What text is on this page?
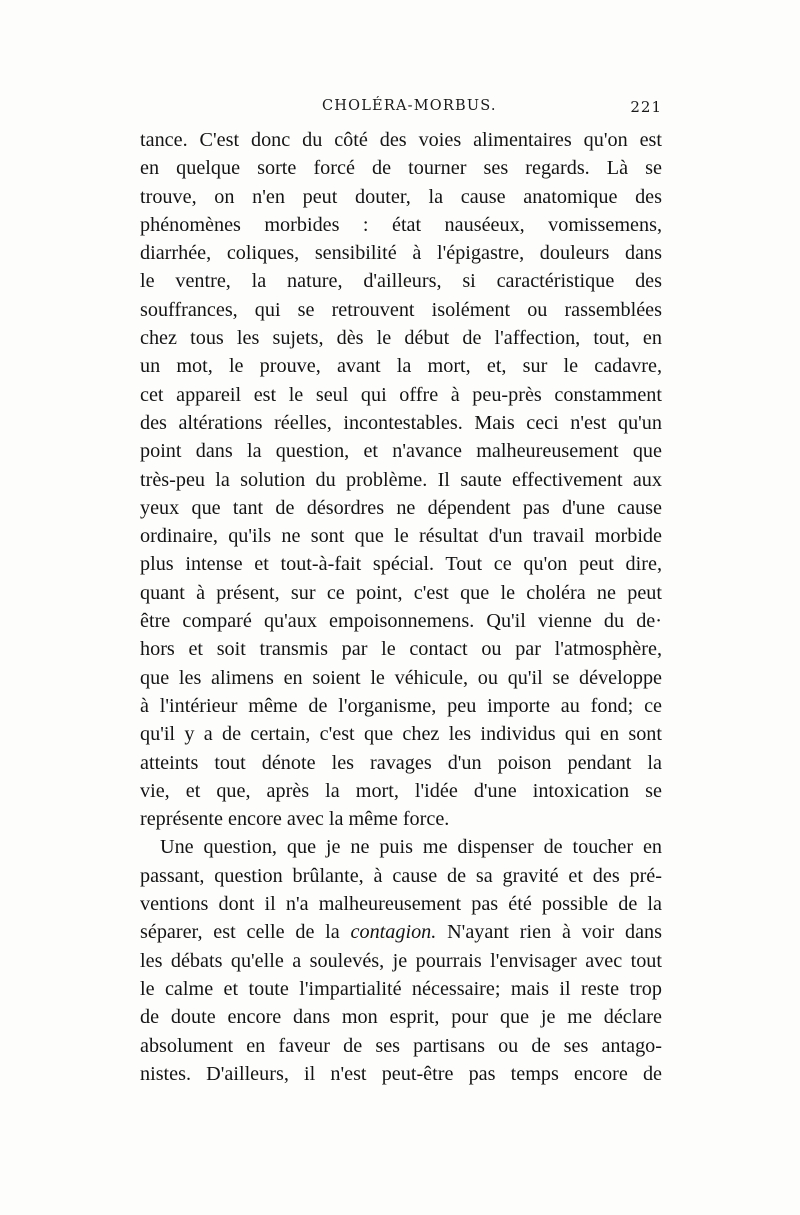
CHOLÉRA-MORBUS.	221
tance. C'est donc du côté des voies alimentaires qu'on est
en quelque sorte forcé de tourner ses regards. Là se
trouve, on n'en peut douter, la cause anatomique des
phénomènes morbides : état nauséeux, vomissemens,
diarrhée, coliques, sensibilité à l'épigastre, douleurs dans
le ventre, la nature, d'ailleurs, si caractéristique des
souffrances, qui se retrouvent isolément ou rassemblées
chez tous les sujets, dès le début de l'affection, tout, en
un mot, le prouve, avant la mort, et, sur le cadavre,
cet appareil est le seul qui offre à peu-près constamment
des altérations réelles, incontestables. Mais ceci n'est qu'un
point dans la question, et n'avance malheureusement que
très-peu la solution du problème. Il saute effectivement aux
yeux que tant de désordres ne dépendent pas d'une cause
ordinaire, qu'ils ne sont que le résultat d'un travail morbide
plus intense et tout-à-fait spécial. Tout ce qu'on peut dire,
quant à présent, sur ce point, c'est que le choléra ne peut
être comparé qu'aux empoisonnemens. Qu'il vienne du de·
hors et soit transmis par le contact ou par l'atmosphère,
que les alimens en soient le véhicule, ou qu'il se développe
à l'intérieur même de l'organisme, peu importe au fond; ce
qu'il y a de certain, c'est que chez les individus qui en sont
atteints tout dénote les ravages d'un poison pendant la
vie, et que, après la mort, l'idée d'une intoxication se
représente encore avec la même force.
Une question, que je ne puis me dispenser de toucher en
passant, question brûlante, à cause de sa gravité et des pré-
ventions dont il n'a malheureusement pas été possible de la
séparer, est celle de la contagion. N'ayant rien à voir dans
les débats qu'elle a soulevés, je pourrais l'envisager avec tout
le calme et toute l'impartialité nécessaire; mais il reste trop
de doute encore dans mon esprit, pour que je me déclare
absolument en faveur de ses partisans ou de ses antago-
nistes. D'ailleurs, il n'est peut-être pas temps encore de
